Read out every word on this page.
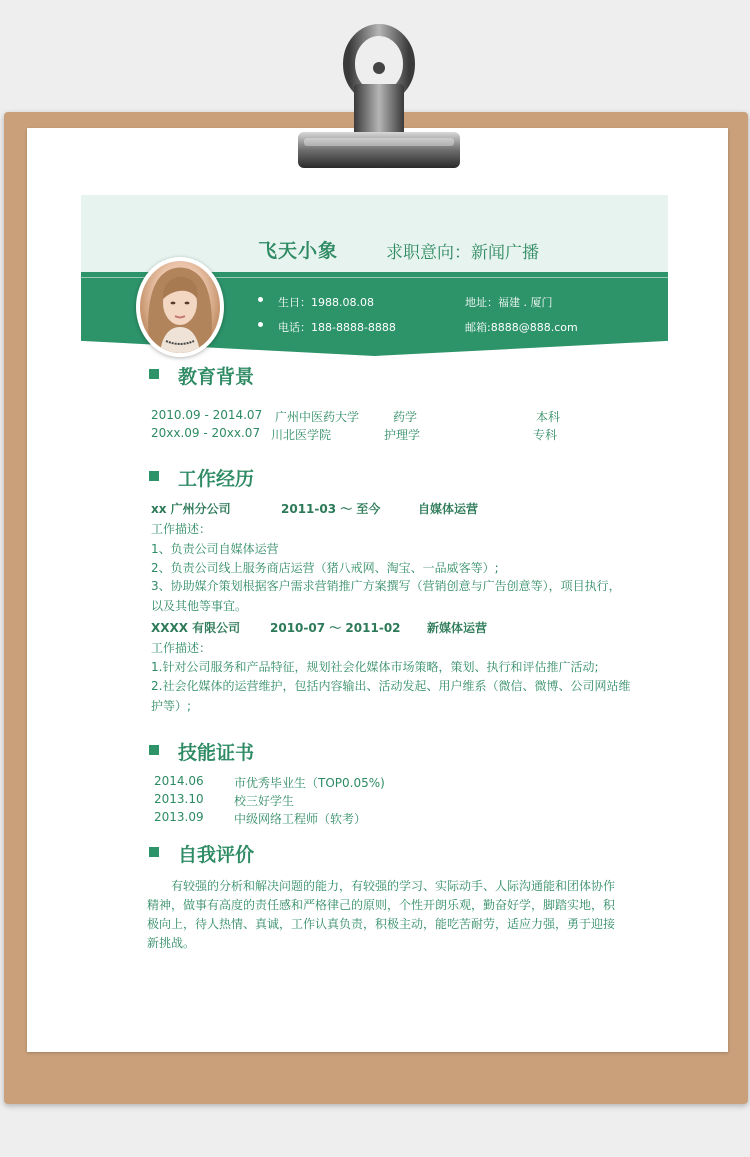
飞天小象	求职意向：新闻广播
生日：1988.08.08	地址：福建 . 厦门
电话：188-8888-8888	邮箱:8888@888.com
教育背景
2010.09 - 2014.07 广州中医药大学	药学	本科
20xx.09 - 20xx.07 川北医学院	护理学	专科
工作经历
xx 广州分公司	2011-03 ～ 至今	自媒体运营
工作描述：
1、负责公司自媒体运营
2、负责公司线上服务商店运营（猪八戒网、淘宝、一品威客等）;
3、协助媒介策划根据客户需求营销推广方案撰写（营销创意与广告创意等），项目执行，以及其他等事宜。
XXXX 有限公司 2010-07 ～ 2011-02 新媒体运营
工作描述：
1.针对公司服务和产品特征，规划社会化媒体市场策略，策划、执行和评估推广活动;
2.社会化媒体的运营维护，包括内容输出、活动发起、用户维系（微信、微博、公司网站维护等）;
技能证书
2014.06	市优秀毕业生（TOP0.05%)
2013.10	校三好学生
2013.09	中级网络工程师（软考）
自我评价
有较强的分析和解决问题的能力，有较强的学习、实际动手、人际沟通能和团体协作精神，做事有高度的责任感和严格律己的原则，个性开朗乐观，勤奋好学，脚踏实地，积极向上，待人热情、真诚，工作认真负责，积极主动，能吃苦耐劳，适应力强，勇于迎接新挑战。
